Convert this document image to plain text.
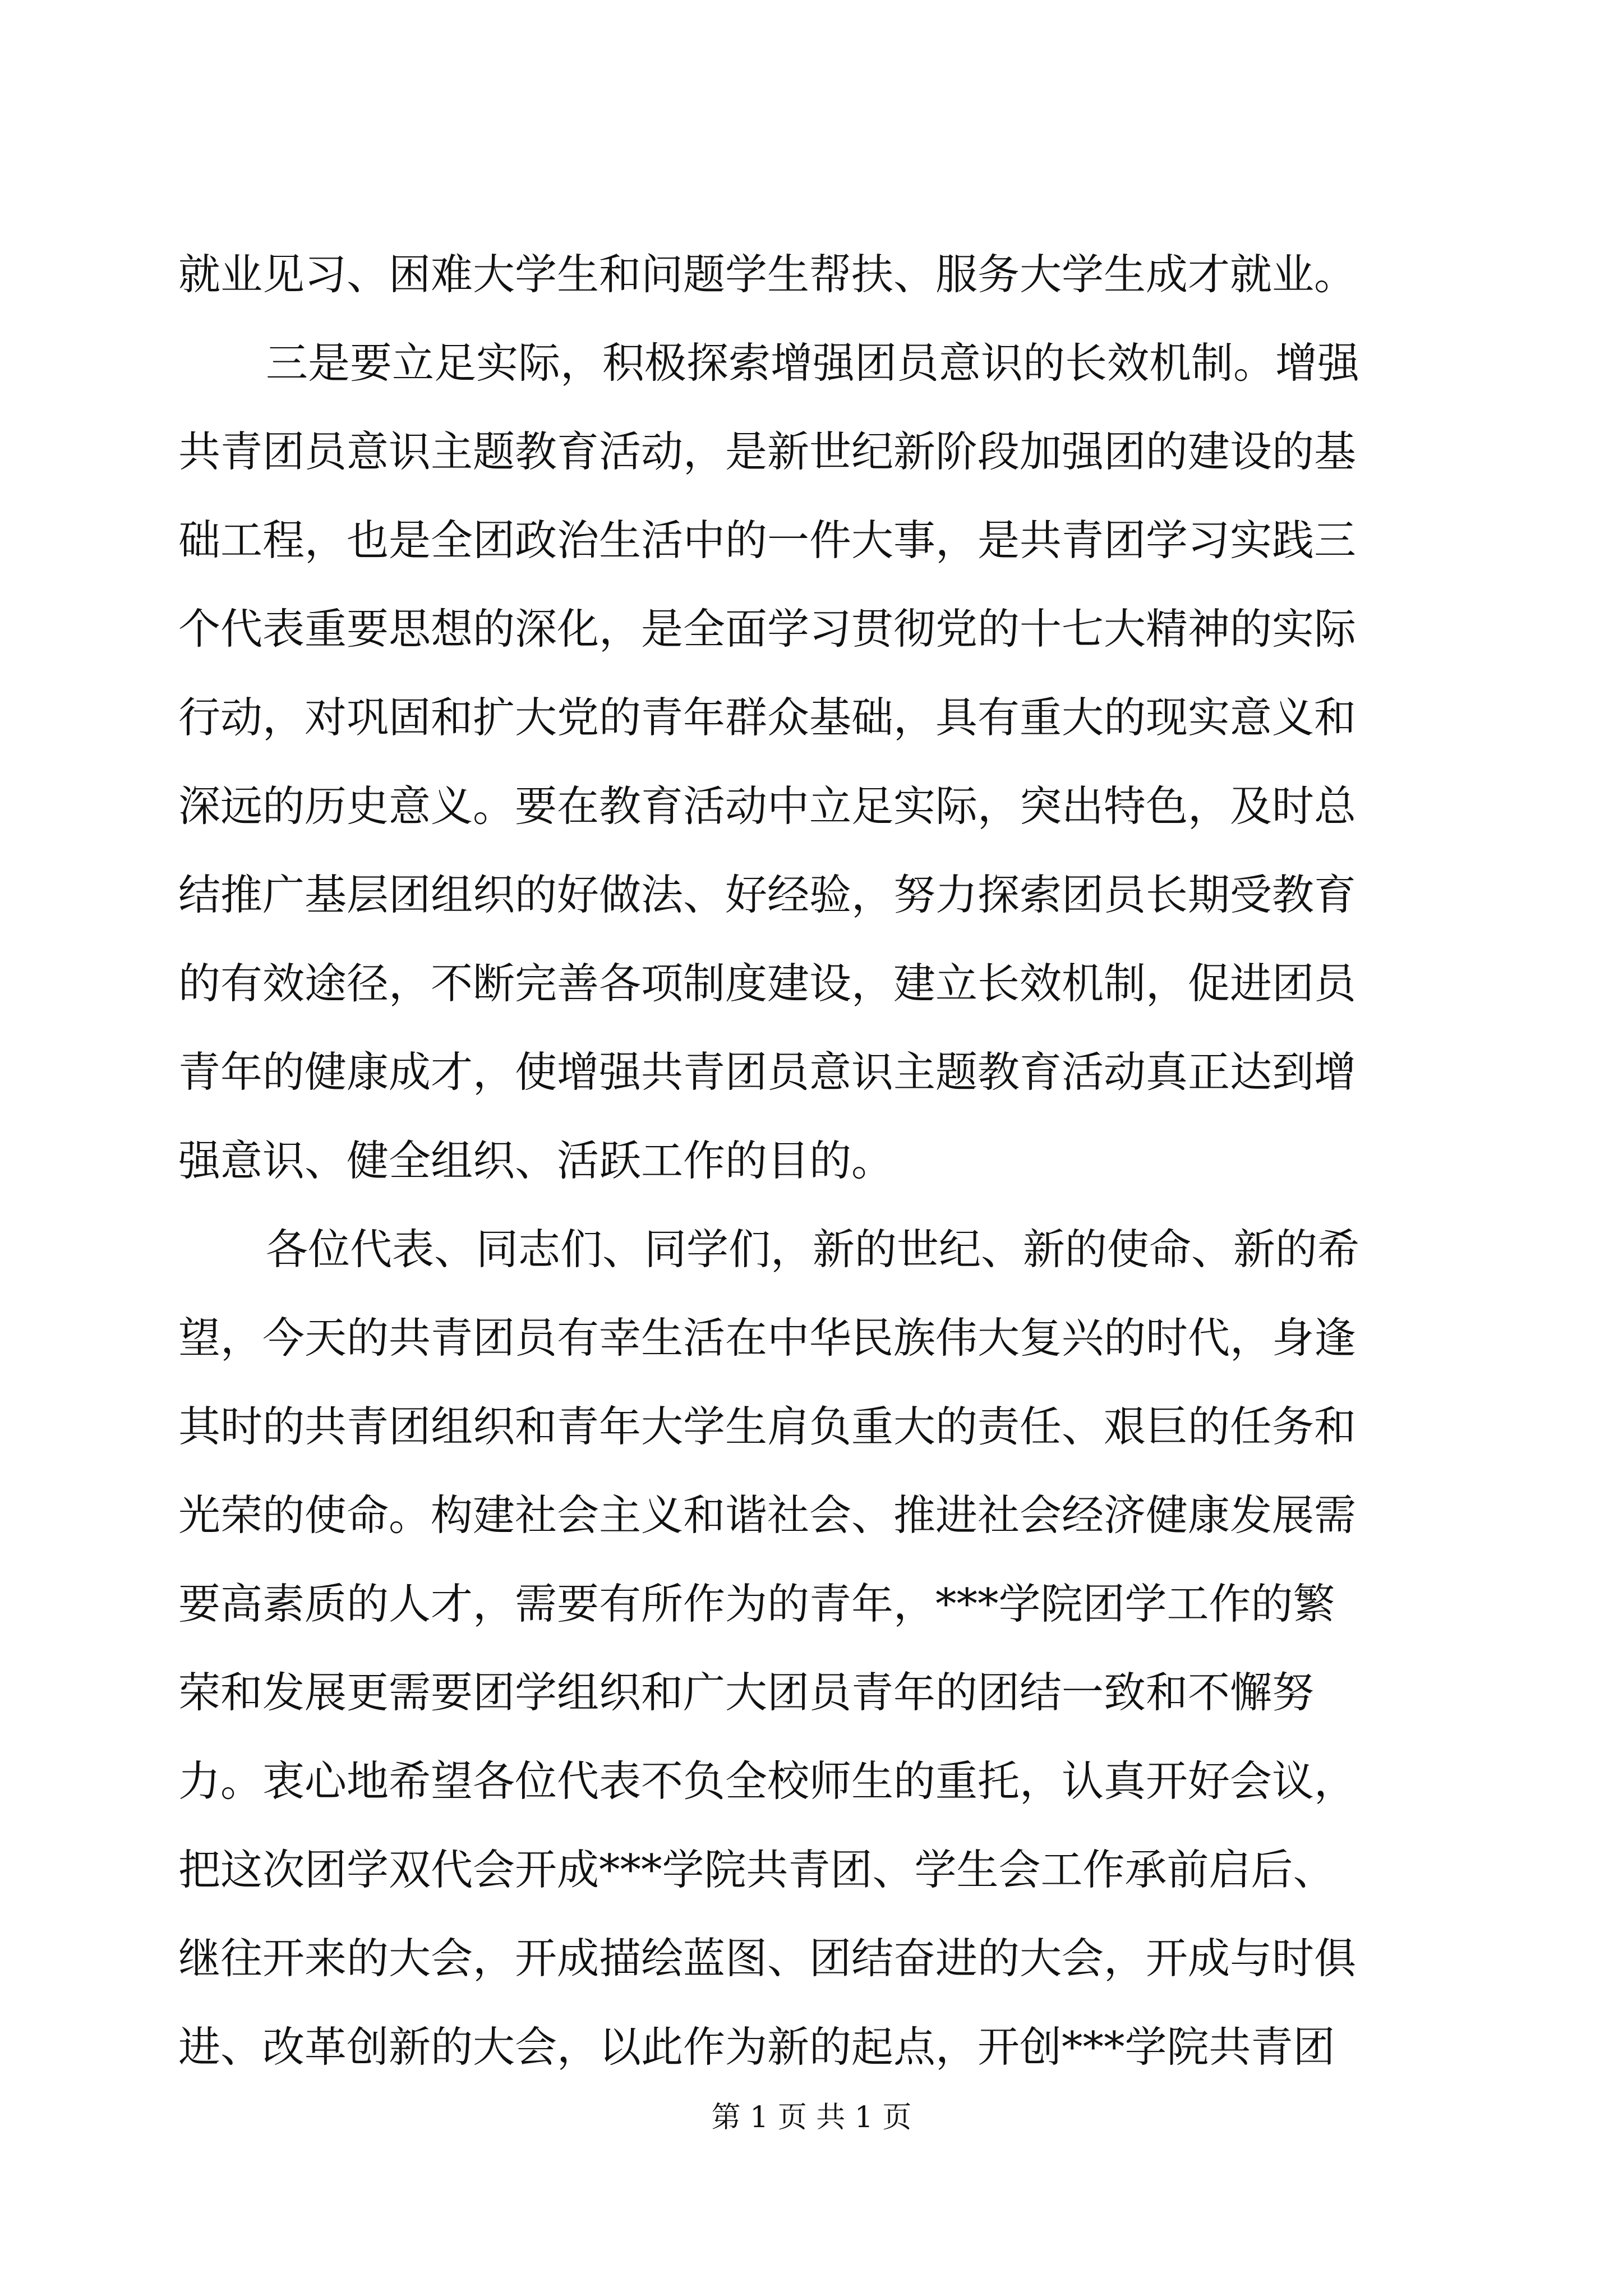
就业见习、困难大学生和问题学生帮扶、服务大学生成才就业。
三是要立足实际，积极探索增强团员意识的长效机制。增强
共青团员意识主题教育活动，是新世纪新阶段加强团的建设的基
础工程，也是全团政治生活中的一件大事，是共青团学习实践三
个代表重要思想的深化，是全面学习贯彻党的十七大精神的实际
行动，对巩固和扩大党的青年群众基础，具有重大的现实意义和
深远的历史意义。要在教育活动中立足实际，突出特色，及时总
结推广基层团组织的好做法、好经验，努力探索团员长期受教育
的有效途径，不断完善各项制度建设，建立长效机制，促进团员
青年的健康成才，使增强共青团员意识主题教育活动真正达到增
强意识、健全组织、活跃工作的目的。
各位代表、同志们、同学们，新的世纪、新的使命、新的希
望，今天的共青团员有幸生活在中华民族伟大复兴的时代，身逢
其时的共青团组织和青年大学生肩负重大的责任、艰巨的任务和
光荣的使命。构建社会主义和谐社会、推进社会经济健康发展需
要高素质的人才，需要有所作为的青年，***学院团学工作的繁
荣和发展更需要团学组织和广大团员青年的团结一致和不懈努
力。衷心地希望各位代表不负全校师生的重托，认真开好会议，
把这次团学双代会开成***学院共青团、学生会工作承前启后、
继往开来的大会，开成描绘蓝图、团结奋进的大会，开成与时俱
进、改革创新的大会，以此作为新的起点，开创***学院共青团
第 1 页 共 1 页
